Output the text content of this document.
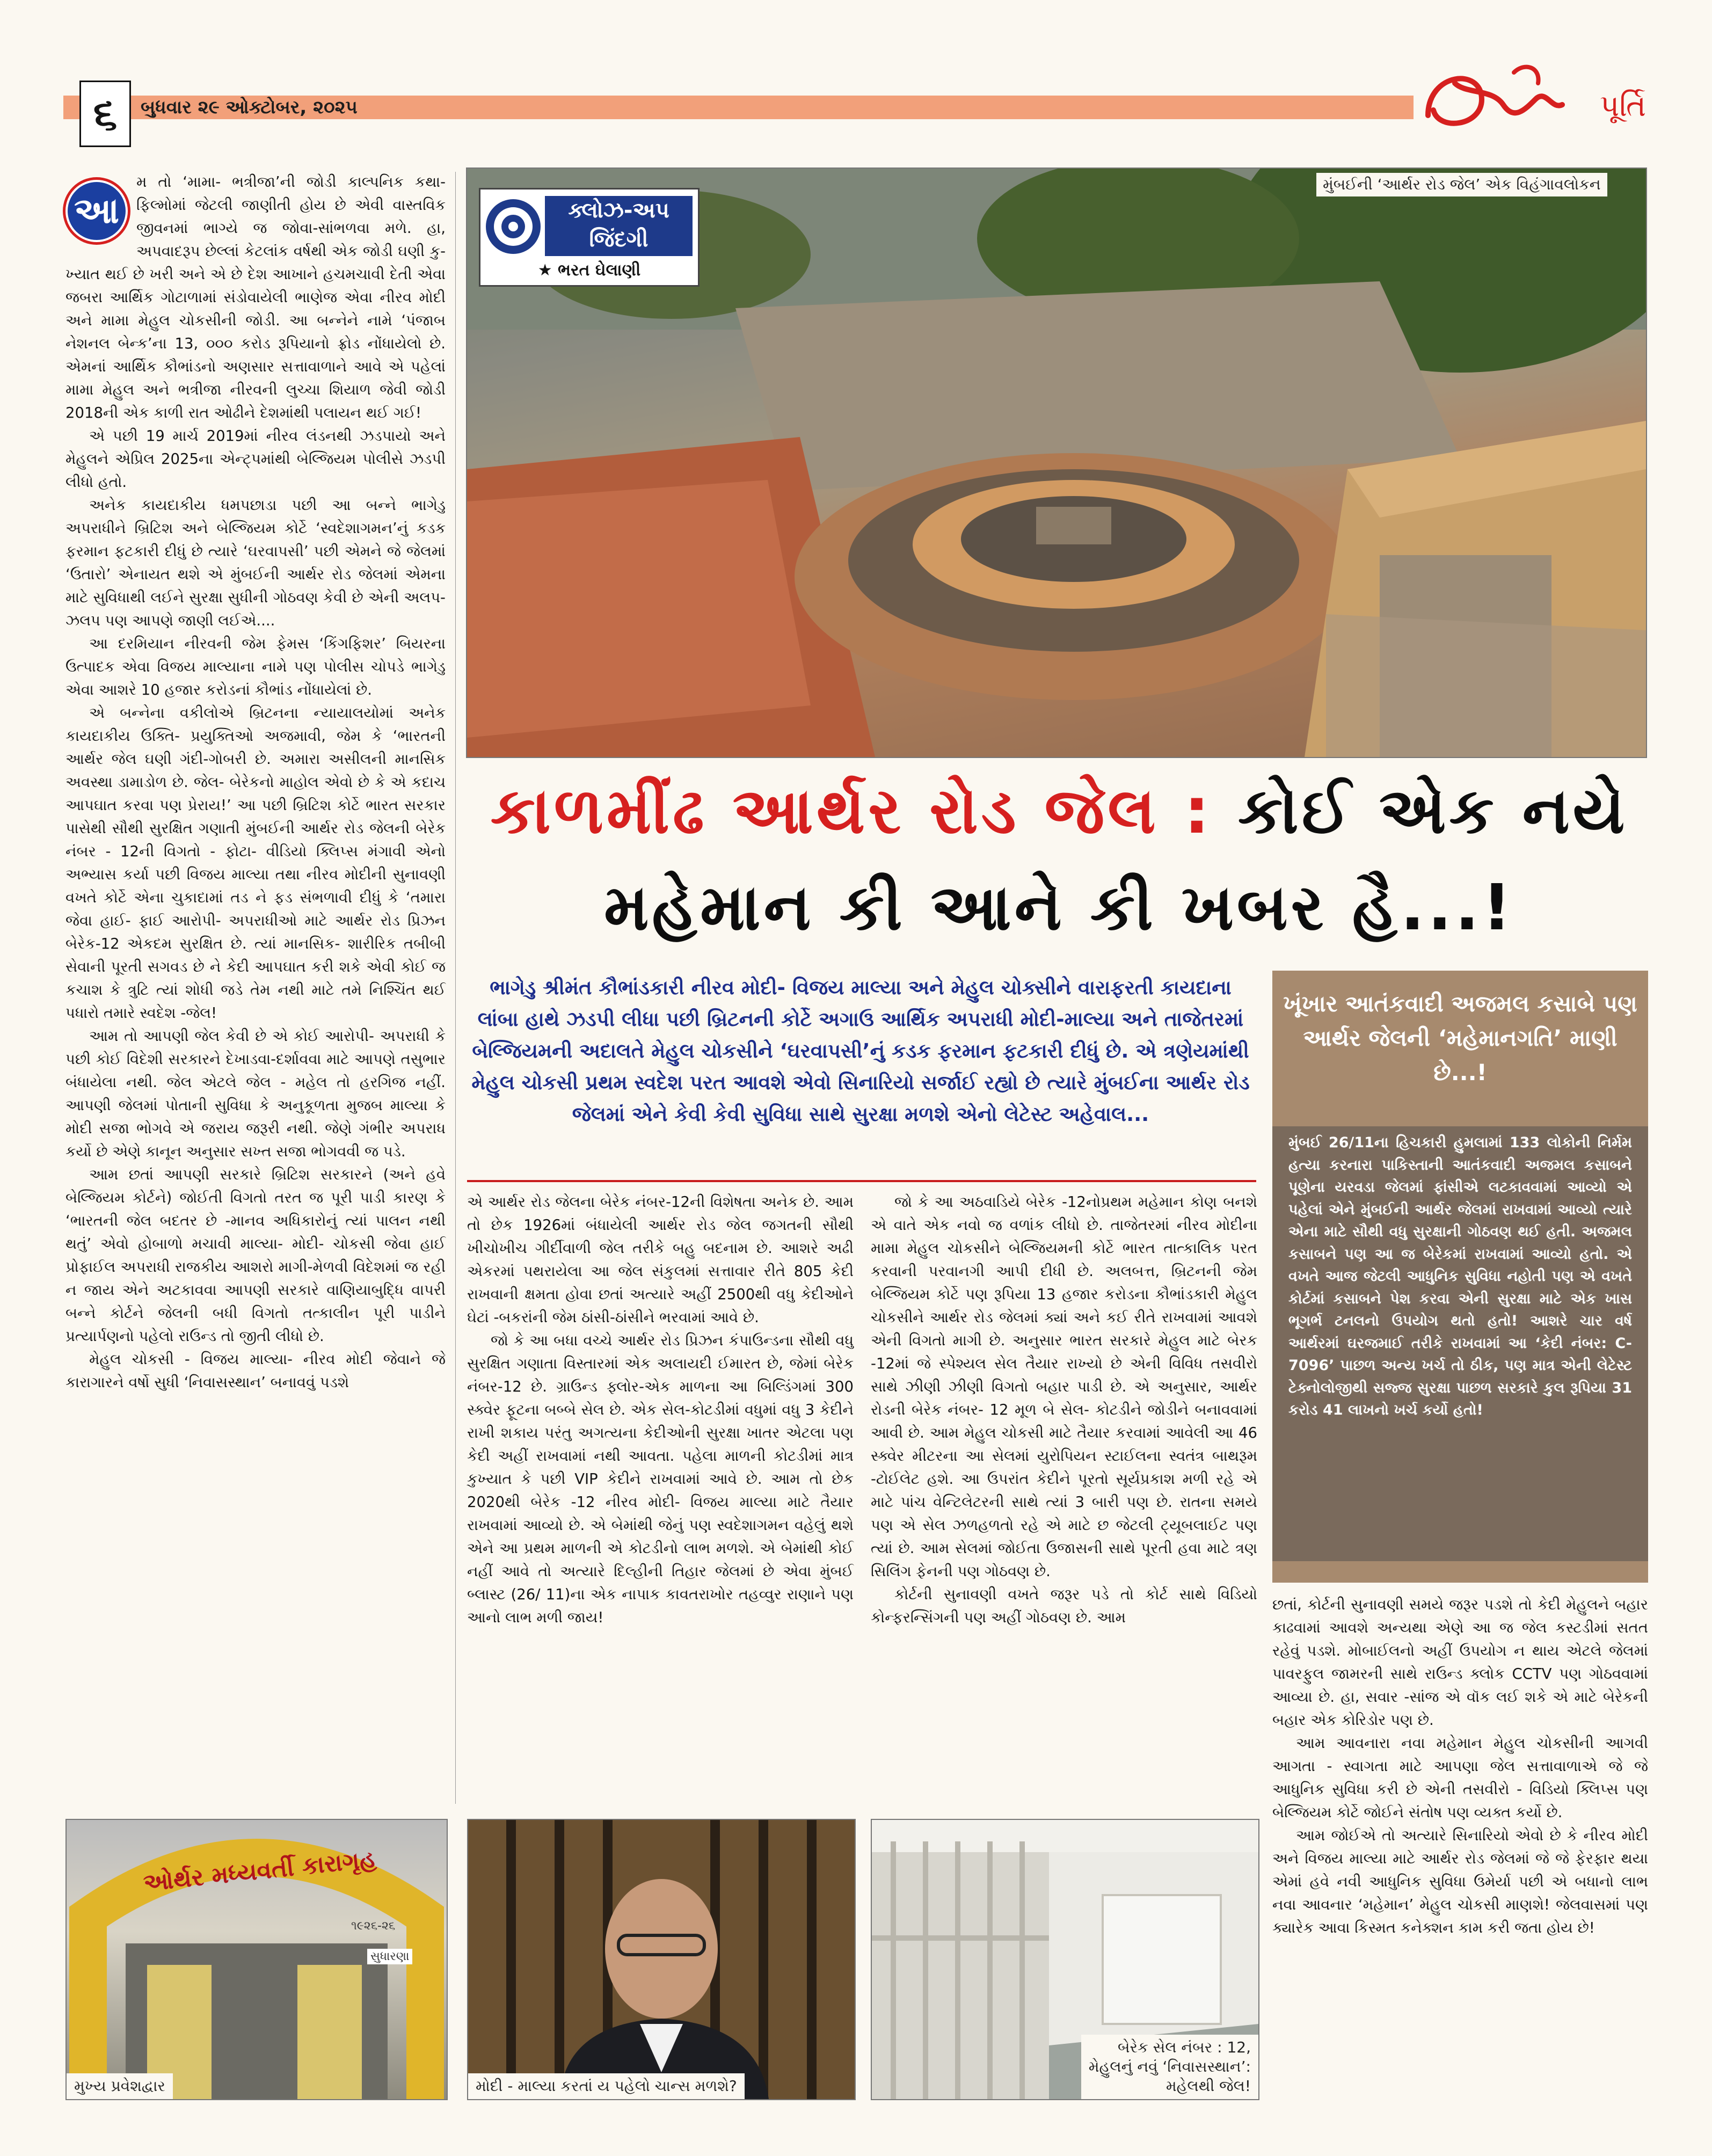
૬ બુધવાર ૨૯ ઓક્ટોબર, ૨૦૨૫	પૂર્તિ
ક્લોઝ-અપ
જિંદગી
★ ભરત ઘેલાણી
મુંબઈની ‘આર્થર રોડ જેલ’ એક વિહંગાવલોકન
કાળમીંઢ આર્થર રોડ જેલ : કોઈ એક નયે
મહેમાન કી આને કી ખબર હૈ...!
ભાગેડુ શ્રીમંત કૌભાંડકારી નીરવ મોદી- વિજય માલ્યા અને મેહુલ ચોક્સીને વારાફરતી કાયદાના લાંબા હાથે ઝડપી લીધા પછી બ્રિટનની કોર્ટે અગાઉ આર્થિક અપરાધી મોદી-માલ્યા અને તાજેતરમાં બેલ્જિયમની અદાલતે મેહુલ ચોકસીને ‘ઘરવાપસી’નું કડક ફરમાન ફટકારી દીધું છે. એ ત્રણેયમાંથી મેહુલ ચોકસી પ્રથમ સ્વદેશ પરત આવશે એવો સિનારિયો સર્જાઈ રહ્યો છે ત્યારે મુંબઈના આર્થર રોડ જેલમાં એને કેવી કેવી સુવિધા સાથે સુરક્ષા મળશે એનો લેટેસ્ટ અહેવાલ...
ખૂંખાર આતંકવાદી અજમલ કસાબે પણ આર્થર જેલની ‘મહેમાનગતિ’ માણી છે...!
મુંબઈ 26/11ના હિચકારી હુમલામાં 133 લોકોની નિર્મમ હત્યા કરનારા પાકિસ્તાની આતંકવાદી અજમલ કસાબને પૂણેના યરવડા જેલમાં ફાંસીએ લટકાવવામાં આવ્યો એ પહેલાં એને મુંબઈની આર્થર જેલમાં રાખવામાં આવ્યો ત્યારે એના માટે સૌથી વધુ સુરક્ષાની ગોઠવણ થઈ હતી. અજમલ કસાબને પણ આ જ બેરેકમાં રાખવામાં આવ્યો હતો. એ વખતે આજ જેટલી આધુનિક સુવિધા નહોતી પણ એ વખતે કોર્ટમાં કસાબને પેશ કરવા એની સુરક્ષા માટે એક ખાસ ભૂગર્ભ ટનલનો ઉપયોગ થતો હતો! આશરે ચાર વર્ષ આર્થરમાં ઘરજમાઈ તરીકે રાખવામાં આ ‘કેદી નંબર: C-7096’ પાછળ અન્ય ખર્ચ તો ઠીક, પણ માત્ર એની લેટેસ્ટ ટેક્નોલોજીથી સજ્જ સુરક્ષા પાછળ સરકારે કુલ રૂપિયા 31 કરોડ 41 લાખનો ખર્ચ કર્યો હતો!
આ

મ તો ‘મામા- ભત્રીજા’ની જોડી કાલ્પનિક કથા-ફિલ્મોમાં જેટલી જાણીતી હોય છે એવી વાસ્તવિક જીવનમાં ભાગ્યે જ જોવા-સાંભળવા મળે. હા, અપવાદરૂપ છેલ્લાં કેટલાંક વર્ષથી એક જોડી ઘણી કુ-ખ્યાત થઈ છે ખરી અને એ છે દેશ આખાને હચમચાવી દેતી એવા જબરા આર્થિક ગોટાળામાં સંડોવાયેલી ભાણેજ એવા નીરવ મોદી અને મામા મેહુલ ચોકસીની જોડી. આ બન્નેને નામે ‘પંજાબ નેશનલ બેન્ક’ના 13, ૦૦૦ કરોડ રૂપિયાનો ફ્રોડ નોંધાયેલો છે. એમનાં આર્થિક કૌભાંડનો અણસાર સત્તાવાળાને આવે એ પહેલાં મામા મેહુલ અને ભત્રીજા નીરવની લુચ્ચા શિયાળ જેવી જોડી 2018ની એક કાળી રાત ઓઢીને દેશમાંથી પલાયન થઈ ગઈ!

એ પછી 19 માર્ચ 2019માં નીરવ લંડનથી ઝડપાયો અને મેહુલને એપ્રિલ 2025ના એન્ટ્પમાંથી બેલ્જિયમ પોલીસે ઝડપી લીધો હતો.

અનેક કાયદાકીય ધમપછાડા પછી આ બન્ને ભાગેડુ અપરાધીને બ્રિટિશ અને બેલ્જિયમ કોર્ટે ‘સ્વદેશાગમન’નું કડક ફરમાન ફટકારી દીધું છે ત્યારે ‘ઘરવાપસી’ પછી એમને જે જેલમાં ‘ઉતારો’ એનાયત થશે એ મુંબઈની આર્થર રોડ જેલમાં એમના માટે સુવિધાથી લઈને સુરક્ષા સુધીની ગોઠવણ કેવી છે એની અલપ-ઝલપ પણ આપણે જાણી લઈએ....

આ દરમિયાન નીરવની જેમ ફેમસ ‘કિંગફિશર’ બિયરના ઉત્પાદક એવા વિજય માલ્યાના નામે પણ પોલીસ ચોપડે ભાગેડુ એવા આશરે 10 હજાર કરોડનાં કૌભાંડ નોંધાયેલાં છે.

એ બન્નેના વકીલોએ બ્રિટનના ન્યાયાલયોમાં અનેક કાયદાકીય ઉક્તિ- પ્રયુક્તિઓ અજમાવી, જેમ કે ‘ભારતની આર્થર જેલ ઘણી ગંદી-ગોબરી છે. અમારા અસીલની માનસિક અવસ્થા ડામાડોળ છે. જેલ- બેરેકનો માહોલ એવો છે કે એ કદાચ આપઘાત કરવા પણ પ્રેરાય!’ આ પછી બ્રિટિશ કોર્ટે ભારત સરકાર પાસેથી સૌથી સુરક્ષિત ગણાતી મુંબઈની આર્થર રોડ જેલની બેરેક નંબર - 12ની વિગતો - ફોટા- વીડિયો ક્લિપ્સ મંગાવી એનો અભ્યાસ કર્યા પછી વિજય માલ્યા તથા નીરવ મોદીની સુનાવણી વખતે કોર્ટે એના ચુકાદામાં તડ ને ફડ સંભળાવી દીધું કે ‘તમારા જેવા હાઈ- ફાઈ આરોપી- અપરાધીઓ માટે આર્થર રોડ પ્રિઝન બેરેક-12 એકદમ સુરક્ષિત છે. ત્યાં માનસિક- શારીરિક તબીબી સેવાની પૂરતી સગવડ છે ને કેદી આપઘાત કરી શકે એવી કોઈ જ કચાશ કે ત્રુટિ ત્યાં શોધી જડે તેમ નથી માટે તમે નિશ્ચિંત થઈ પધારો તમારે સ્વદેશ -જેલ!

આમ તો આપણી જેલ કેવી છે એ કોઈ આરોપી- અપરાધી કે પછી કોઈ વિદેશી સરકારને દેખાડવા-દર્શાવવા માટે આપણે તસુભાર બંધાયેલા નથી. જેલ એટલે જેલ - મહેલ તો હરગિજ નહીં. આપણી જેલમાં પોતાની સુવિધા કે અનુકૂળતા મુજબ માલ્યા કે મોદી સજા ભોગવે એ જરાય જરૂરી નથી. જેણે ગંભીર અપરાધ કર્યો છે એણે કાનૂન અનુસાર સખ્ત સજા ભોગવવી જ પડે.

આમ છતાં આપણી સરકારે બ્રિટિશ સરકારને (અને હવે બેલ્જિયમ કોર્ટને) જોઈતી વિગતો તરત જ પૂરી પાડી કારણ કે ‘ભારતની જેલ બદતર છે -માનવ અધિકારોનું ત્યાં પાલન નથી થતું’ એવો હોબાળો મચાવી માલ્યા- મોદી- ચોકસી જેવા હાઈ પ્રોફાઈલ અપરાધી રાજકીય આશરો માગી-મેળવી વિદેશમાં જ રહી ન જાય એને અટકાવવા આપણી સરકારે વાણિયાબુદ્ધિ વાપરી બન્ને કોર્ટને જેલની બધી વિગતો તત્કાલીન પૂરી પાડીને પ્રત્યાર્પણનો પહેલો રાઉન્ડ તો જીતી લીધો છે.

મેહુલ ચોકસી - વિજય માલ્યા- નીરવ મોદી જેવાને જે કારાગારને વર્ષો સુધી ‘નિવાસસ્થાન’ બનાવવું પડશે

એ આર્થર રોડ જેલના બેરેક નંબર-12ની વિશેષતા અનેક છે. આમ તો છેક 1926માં બંધાયેલી આર્થર રોડ જેલ જગતની સૌથી ખીચોખીચ ગીર્દીવાળી જેલ તરીકે બહુ બદનામ છે. આશરે અઢી એકરમાં પથરાયેલા આ જેલ સંકુલમાં સત્તાવાર રીતે 805 કેદી રાખવાની ક્ષમતા હોવા છતાં અત્યારે અહીં 2500થી વધુ કેદીઓને ઘેટાં -બકરાંની જેમ ઠાંસી-ઠાંસીને ભરવામાં આવે છે.

જો કે આ બધા વચ્ચે આર્થર રોડ પ્રિઝન કંપાઉન્ડના સૌથી વધુ સુરક્ષિત ગણાતા વિસ્તારમાં એક અલાયદી ઈમારત છે, જેમાં બેરેક નંબર-12 છે. ગ્રાઉન્ડ ફ્લોર-એક માળના આ બિલ્ડિંગમાં 300 સ્ક્વેર ફૂટના બબ્બે સેલ છે. એક સેલ-કોટડીમાં વધુમાં વધુ 3 કેદીને રાખી શકાય પરંતુ અગત્યના કેદીઓની સુરક્ષા ખાતર એટલા પણ કેદી અહીં રાખવામાં નથી આવતા. પહેલા માળની કોટડીમાં માત્ર કુખ્યાત કે પછી VIP કેદીને રાખવામાં આવે છે. આમ તો છેક 2020થી બેરેક -12 નીરવ મોદી- વિજય માલ્યા માટે તૈયાર રાખવામાં આવ્યો છે. એ બેમાંથી જેનું પણ સ્વદેશાગમન વહેલું થશે એને આ પ્રથમ માળની એ કોટડીનો લાભ મળશે. એ બેમાંથી કોઈ નહીં આવે તો અત્યારે દિલ્હીની તિહાર જેલમાં છે એવા મુંબઈ બ્લાસ્ટ (26/ 11)ના એક નાપાક કાવતરાખોર તહવ્વુર રાણાને પણ આનો લાભ મળી જાય!

જો કે આ અઠવાડિયે બેરેક -12નોપ્રથમ મહેમાન કોણ બનશે એ વાતે એક નવો જ વળાંક લીધો છે. તાજેતરમાં નીરવ મોદીના મામા મેહુલ ચોકસીને બેલ્જિયમની કોર્ટે ભારત તાત્કાલિક પરત કરવાની પરવાનગી આપી દીધી છે. અલબત્ત, બ્રિટનની જેમ બેલ્જિયમ કોર્ટે પણ રૂપિયા 13 હજાર કરોડના કૌભાંડકારી મેહુલ ચોકસીને આર્થર રોડ જેલમાં ક્યાં અને કઈ રીતે રાખવામાં આવશે એની વિગતો માગી છે. અનુસાર ભારત સરકારે મેહુલ માટે બેરક -12માં જે સ્પેશ્યલ સેલ તૈયાર રાખ્યો છે એની વિવિધ તસવીરો સાથે ઝીણી ઝીણી વિગતો બહાર પાડી છે. એ અનુસાર, આર્થર રોડની બેરેક નંબર- 12 મૂળ બે સેલ- કોટડીને જોડીને બનાવવામાં આવી છે. આમ મેહુલ ચોકસી માટે તૈયાર કરવામાં આવેલી આ 46 સ્ક્વેર મીટરના આ સેલમાં યુરોપિયન સ્ટાઈલના સ્વતંત્ર બાથરૂમ -ટોઈલેટ હશે. આ ઉપરાંત કેદીને પૂરતો સૂર્યપ્રકાશ મળી રહે એ માટે પાંચ વેન્ટિલેટરની સાથે ત્યાં 3 બારી પણ છે. રાતના સમયે પણ એ સેલ ઝળહળતો રહે એ માટે છ જેટલી ટ્યૂબલાઈટ પણ ત્યાં છે. આમ સેલમાં જોઈતા ઉજાસની સાથે પૂરતી હવા માટે ત્રણ સિલિંગ ફેનની પણ ગોઠવણ છે.

કોર્ટની સુનાવણી વખતે જરૂર પડે તો કોર્ટ સાથે વિડિયો કોન્ફરન્સિંગની પણ અહીં ગોઠવણ છે. આમ

છતાં, કોર્ટની સુનાવણી સમયે જરૂર પડશે તો કેદી મેહુલને બહાર કાઢવામાં આવશે અન્યથા એણે આ જ જેલ કસ્ટડીમાં સતત રહેવું પડશે. મોબાઈલનો અહીં ઉપયોગ ન થાય એટલે જેલમાં પાવરફુલ જામરની સાથે રાઉન્ડ ક્લોક CCTV પણ ગોઠવવામાં આવ્યા છે. હા, સવાર -સાંજ એ વૉક લઈ શકે એ માટે બેરેકની બહાર એક કોરિડોર પણ છે.

આમ આવનારા નવા મહેમાન મેહુલ ચોકસીની આગવી આગતા - સ્વાગતા માટે આપણા જેલ સત્તાવાળાએ જે જે આધુનિક સુવિધા કરી છે એની તસવીરો - વિડિયો ક્લિપ્સ પણ બેલ્જિયમ કોર્ટે જોઈને સંતોષ પણ વ્યક્ત કર્યો છે.

આમ જોઈએ તો અત્યારે સિનારિયો એવો છે કે નીરવ મોદી અને વિજય માલ્યા માટે આર્થર રોડ જેલમાં જે જે ફેરફાર થયા એમાં હવે નવી આધુનિક સુવિધા ઉમેર્યા પછી એ બધાનો લાભ નવા આવનાર ‘મહેમાન’ મેહુલ ચોકસી માણશે! જેલવાસમાં પણ ક્યારેક આવા કિસ્મત કનેક્શન કામ કરી જતા હોય છે!

ઓર્થર મધ્યવર્તી કારાગૃહ
૧૯૨૬-૨૬
સુધારણા
મુખ્ય પ્રવેશદ્વાર	મોદી - માલ્યા કરતાં ય પહેલો ચાન્સ મળશે?
બેરેક સેલ નંબર : 12,
મેહુલનું નવું ‘નિવાસસ્થાન’:
મહેલથી જેલ!
